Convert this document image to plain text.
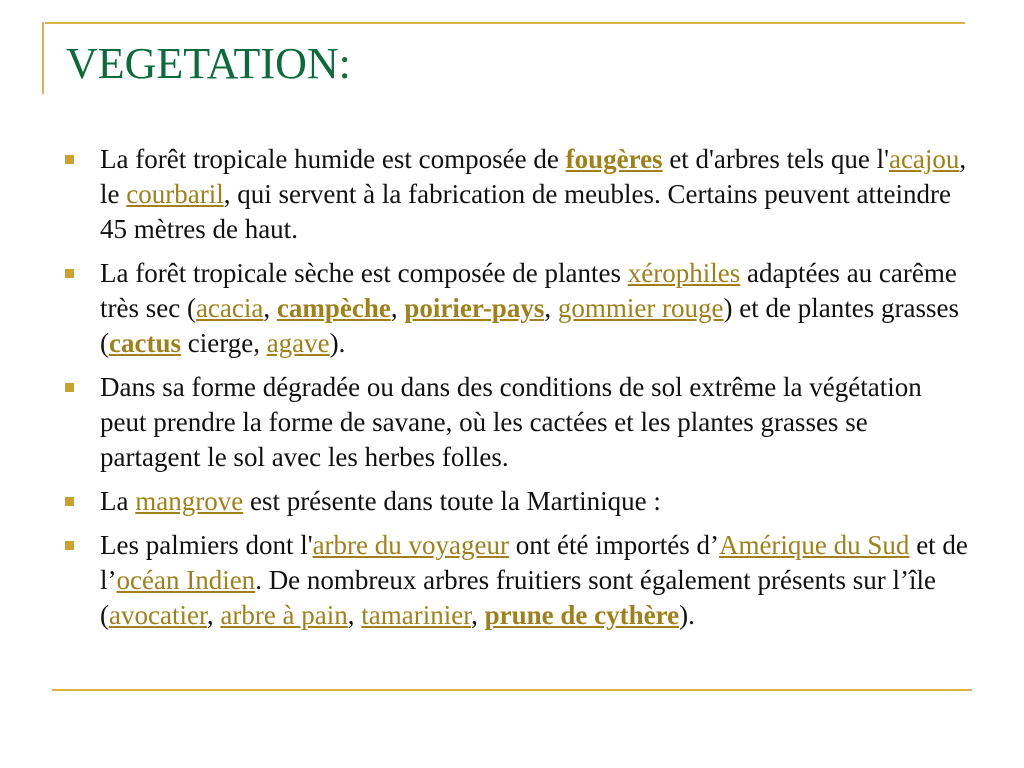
VEGETATION:
La forêt tropicale humide est composée de fougères et d'arbres tels que l'acajou, le courbaril, qui servent à la fabrication de meubles. Certains peuvent atteindre 45 mètres de haut.
La forêt tropicale sèche est composée de plantes xérophiles adaptées au carême très sec (acacia, campèche, poirier-pays, gommier rouge) et de plantes grasses (cactus cierge, agave).
Dans sa forme dégradée ou dans des conditions de sol extrême la végétation peut prendre la forme de savane, où les cactées et les plantes grasses se partagent le sol avec les herbes folles.
La mangrove est présente dans toute la Martinique :
Les palmiers dont l'arbre du voyageur ont été importés d’Amérique du Sud et de l’océan Indien. De nombreux arbres fruitiers sont également présents sur l’île (avocatier, arbre à pain, tamarinier, prune de cythère).
